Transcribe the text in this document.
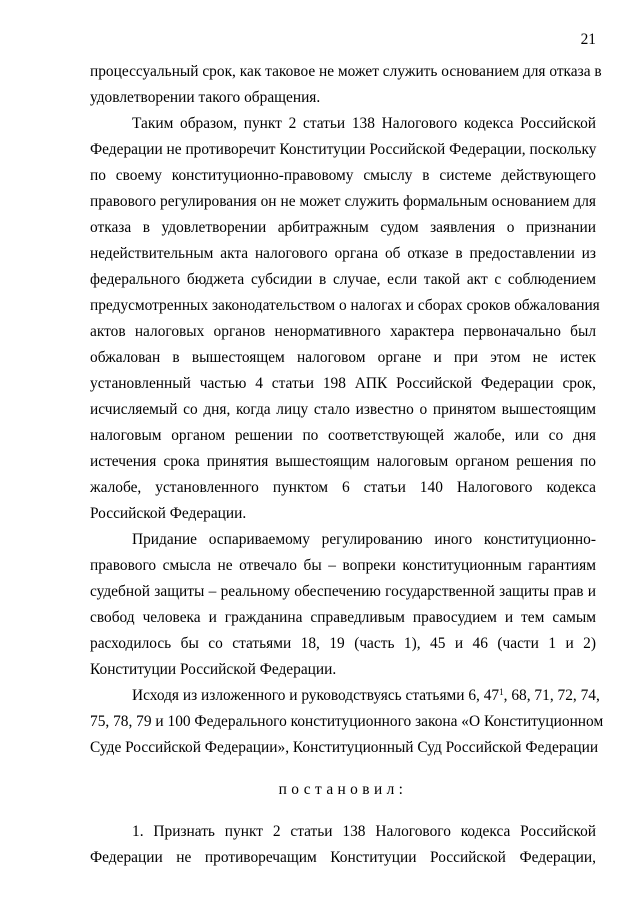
21
процессуальный срок, как таковое не может служить основанием для отказа в
удовлетворении такого обращения.
Таким образом, пункт 2 статьи 138 Налогового кодекса Российской
Федерации не противоречит Конституции Российской Федерации, поскольку
по своему конституционно-правовому смыслу в системе действующего
правового регулирования он не может служить формальным основанием для
отказа в удовлетворении арбитражным судом заявления о признании
недействительным акта налогового органа об отказе в предоставлении из
федерального бюджета субсидии в случае, если такой акт с соблюдением
предусмотренных законодательством о налогах и сборах сроков обжалования
актов налоговых органов ненормативного характера первоначально был
обжалован в вышестоящем налоговом органе и при этом не истек
установленный частью 4 статьи 198 АПК Российской Федерации срок,
исчисляемый со дня, когда лицу стало известно о принятом вышестоящим
налоговым органом решении по соответствующей жалобе, или со дня
истечения срока принятия вышестоящим налоговым органом решения по
жалобе, установленного пунктом 6 статьи 140 Налогового кодекса
Российской Федерации.
Придание оспариваемому регулированию иного конституционно-
правового смысла не отвечало бы – вопреки конституционным гарантиям
судебной защиты – реальному обеспечению государственной защиты прав и
свобод человека и гражданина справедливым правосудием и тем самым
расходилось бы со статьями 18, 19 (часть 1), 45 и 46 (части 1 и 2)
Конституции Российской Федерации.
Исходя из изложенного и руководствуясь статьями 6, $47^1$, 68, 71, 72, 74,
75, 78, 79 и 100 Федерального конституционного закона «О Конституционном
Суде Российской Федерации», Конституционный Суд Российской Федерации
постановил:
1. Признать пункт 2 статьи 138 Налогового кодекса Российской
Федерации не противоречащим Конституции Российской Федерации,
